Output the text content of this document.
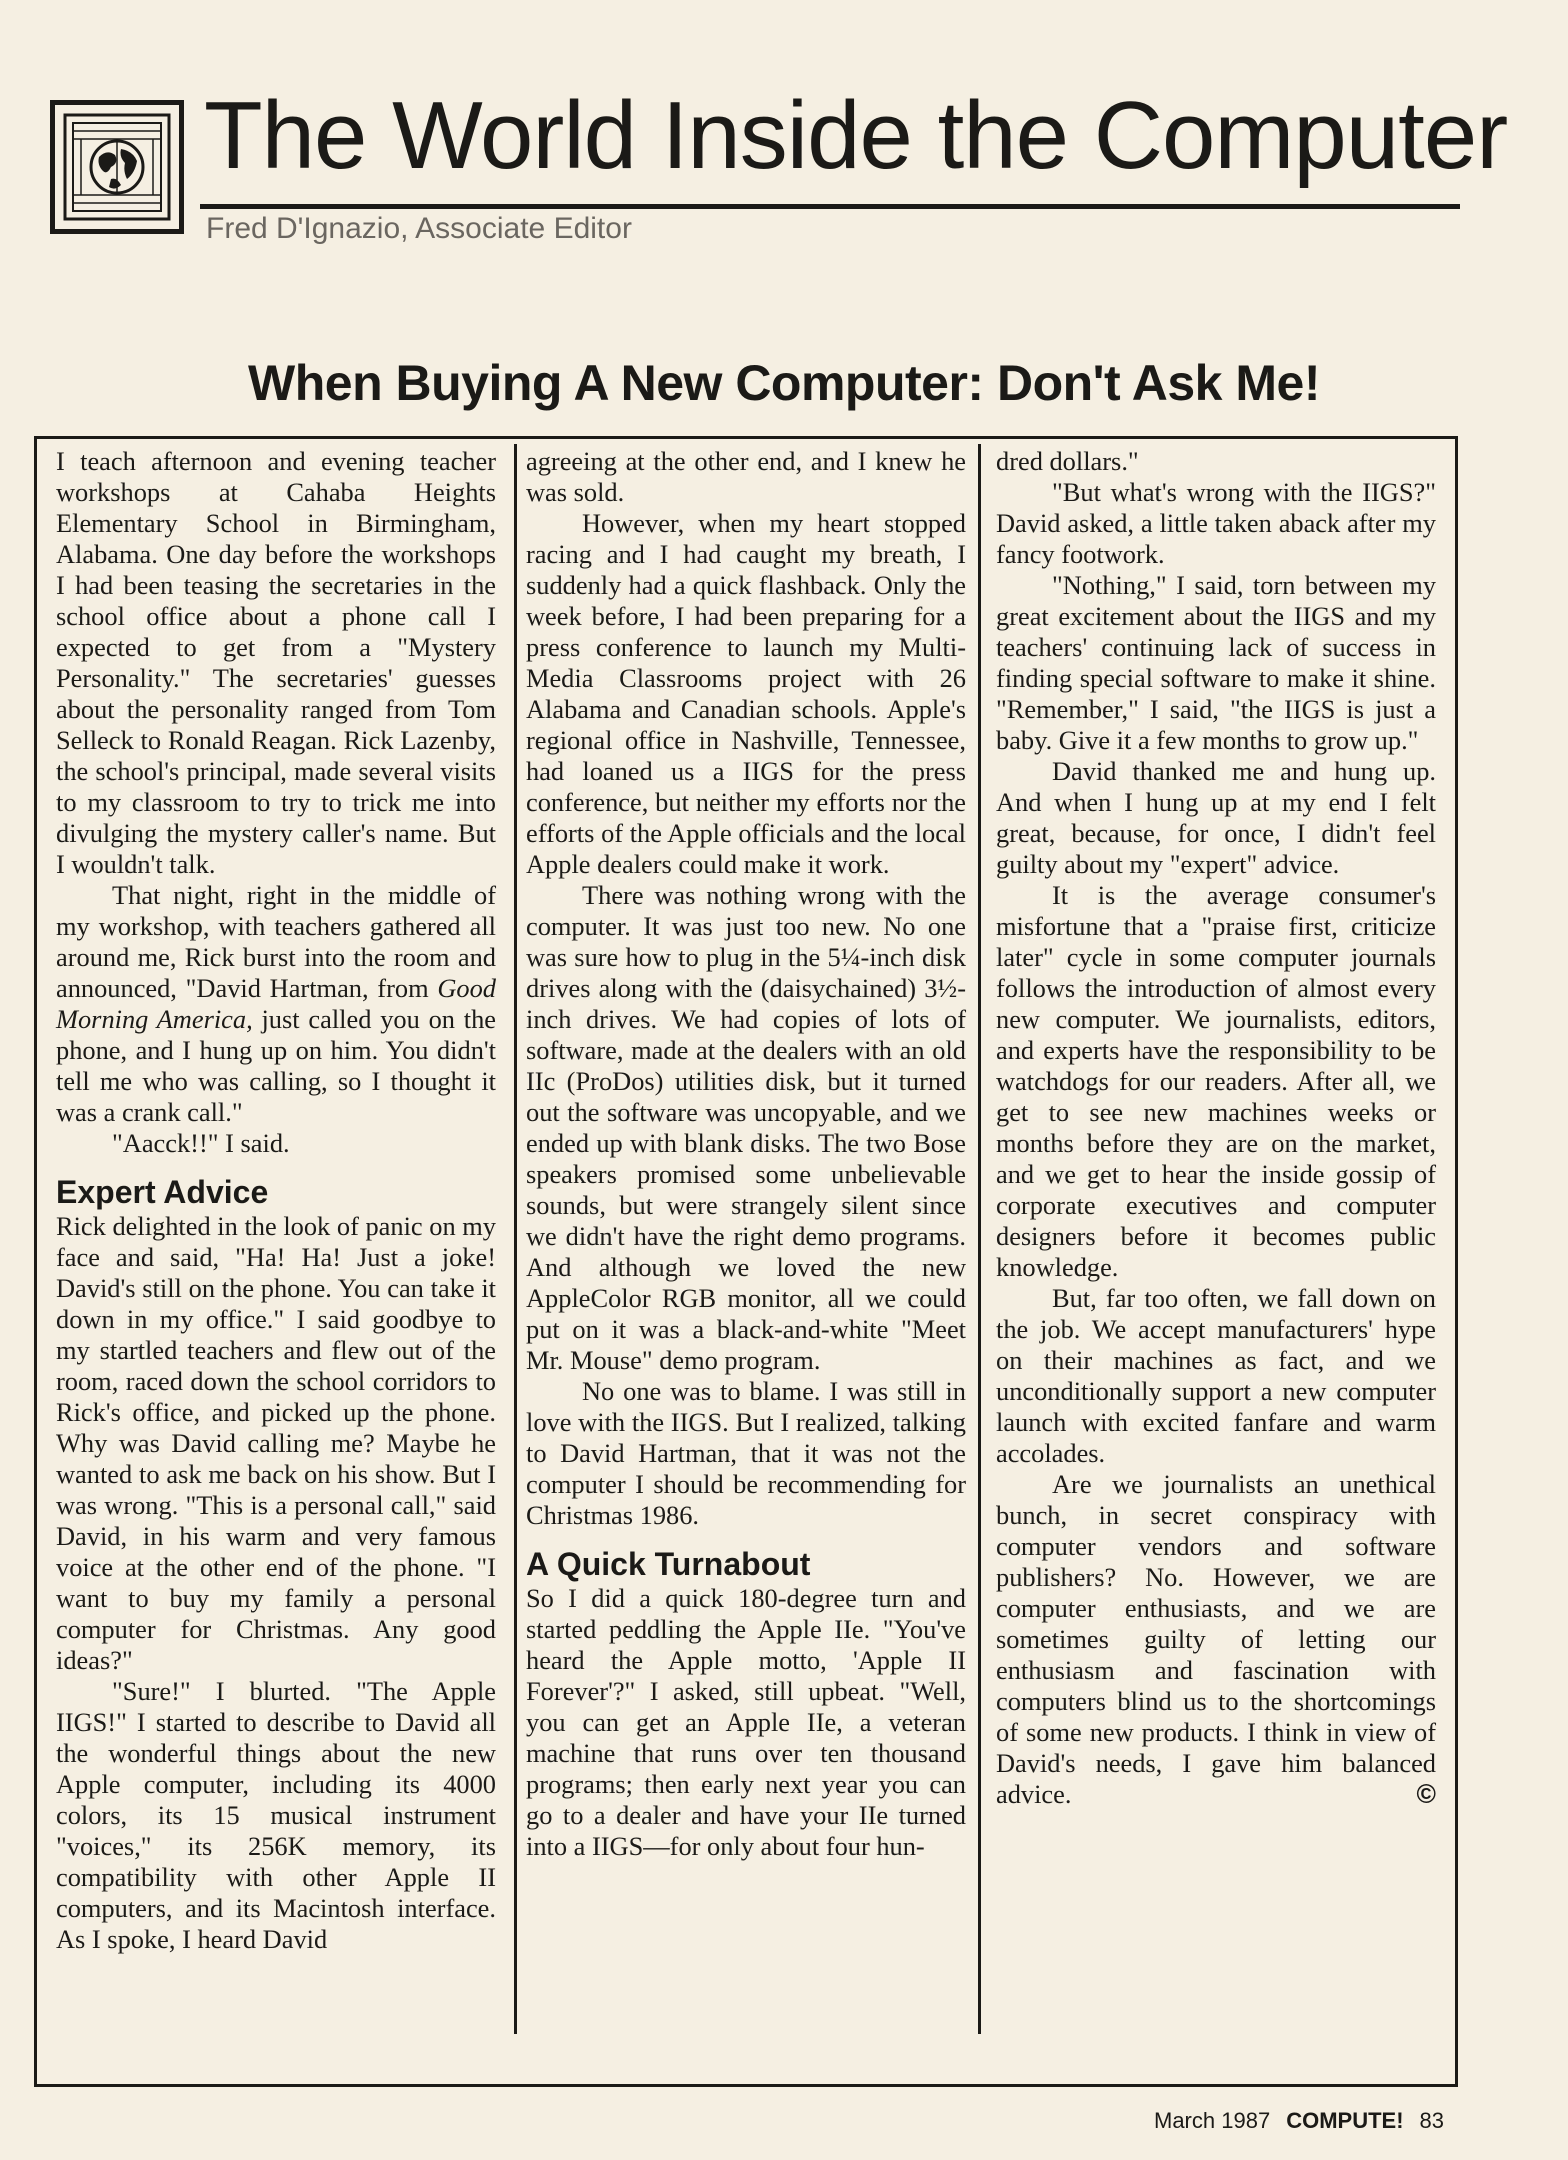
The World Inside the Computer
Fred D'Ignazio, Associate Editor
When Buying A New Computer: Don't Ask Me!

I teach afternoon and evening teacher workshops at Cahaba Heights Elementary School in Birmingham, Alabama. One day before the workshops I had been teasing the secretaries in the school office about a phone call I expected to get from a "Mystery Personality." The secretaries' guesses about the personality ranged from Tom Selleck to Ronald Reagan. Rick Lazenby, the school's principal, made several visits to my classroom to try to trick me into divulging the mystery caller's name. But I wouldn't talk.

That night, right in the middle of my workshop, with teachers gathered all around me, Rick burst into the room and announced, "David Hartman, from Good Morning America, just called you on the phone, and I hung up on him. You didn't tell me who was calling, so I thought it was a crank call."

"Aacck!!" I said.

Expert Advice

Rick delighted in the look of panic on my face and said, "Ha! Ha! Just a joke! David's still on the phone. You can take it down in my office." I said goodbye to my startled teachers and flew out of the room, raced down the school corridors to Rick's office, and picked up the phone. Why was David calling me? Maybe he wanted to ask me back on his show. But I was wrong. "This is a personal call," said David, in his warm and very famous voice at the other end of the phone. "I want to buy my family a personal computer for Christmas. Any good ideas?"

"Sure!" I blurted. "The Apple IIGS!" I started to describe to David all the wonderful things about the new Apple computer, including its 4000 colors, its 15 musical instrument "voices," its 256K memory, its compatibility with other Apple II computers, and its Macintosh interface. As I spoke, I heard David

agreeing at the other end, and I knew he was sold.

However, when my heart stopped racing and I had caught my breath, I suddenly had a quick flashback. Only the week before, I had been preparing for a press conference to launch my Multi-Media Classrooms project with 26 Alabama and Canadian schools. Apple's regional office in Nashville, Tennessee, had loaned us a IIGS for the press conference, but neither my efforts nor the efforts of the Apple officials and the local Apple dealers could make it work.

There was nothing wrong with the computer. It was just too new. No one was sure how to plug in the 5¼-inch disk drives along with the (daisychained) 3½-inch drives. We had copies of lots of software, made at the dealers with an old IIc (ProDos) utilities disk, but it turned out the software was uncopyable, and we ended up with blank disks. The two Bose speakers promised some unbelievable sounds, but were strangely silent since we didn't have the right demo programs. And although we loved the new AppleColor RGB monitor, all we could put on it was a black-and-white "Meet Mr. Mouse" demo program.

No one was to blame. I was still in love with the IIGS. But I realized, talking to David Hartman, that it was not the computer I should be recommending for Christmas 1986.

A Quick Turnabout

So I did a quick 180-degree turn and started peddling the Apple IIe. "You've heard the Apple motto, 'Apple II Forever'?" I asked, still upbeat. "Well, you can get an Apple IIe, a veteran machine that runs over ten thousand programs; then early next year you can go to a dealer and have your IIe turned into a IIGS—for only about four hun-

dred dollars."

"But what's wrong with the IIGS?" David asked, a little taken aback after my fancy footwork.

"Nothing," I said, torn between my great excitement about the IIGS and my teachers' continuing lack of success in finding special software to make it shine. "Remember," I said, "the IIGS is just a baby. Give it a few months to grow up."

David thanked me and hung up. And when I hung up at my end I felt great, because, for once, I didn't feel guilty about my "expert" advice.

It is the average consumer's misfortune that a "praise first, criticize later" cycle in some computer journals follows the introduction of almost every new computer. We journalists, editors, and experts have the responsibility to be watchdogs for our readers. After all, we get to see new machines weeks or months before they are on the market, and we get to hear the inside gossip of corporate executives and computer designers before it becomes public knowledge.

But, far too often, we fall down on the job. We accept manufacturers' hype on their machines as fact, and we unconditionally support a new computer launch with excited fanfare and warm accolades.

Are we journalists an unethical bunch, in secret conspiracy with computer vendors and software publishers? No. However, we are computer enthusiasts, and we are sometimes guilty of letting our enthusiasm and fascination with computers blind us to the shortcomings of some new products. I think in view of David's needs, I gave him balanced advice.	©

March 1987 COMPUTE! 83
